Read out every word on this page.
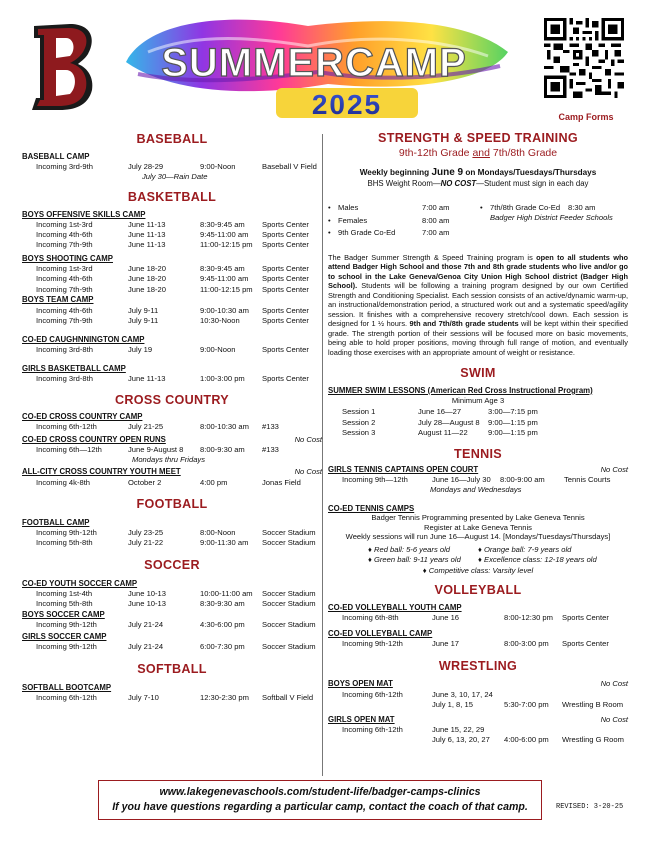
B
SUMMERCAMP
2025	Camp Forms
BASEBALL
BASEBALL CAMP
Incoming 3rd-9th	July 28-29	9:00-Noon	Baseball V Field
July 30—Rain Date
BASKETBALL
BOYS OFFENSIVE SKILLS CAMP
Incoming 1st-3rd	June 11-13	8:30-9:45 am	Sports Center
Incoming 4th-6th	June 11-13	9:45-11:00 am	Sports Center
Incoming 7th-9th	June 11-13	11:00-12:15 pm	Sports Center
BOYS SHOOTING CAMP
Incoming 1st-3rd	June 18-20	8:30-9:45 am	Sports Center
Incoming 4th-6th	June 18-20	9:45-11:00 am	Sports Center
Incoming 7th-9th	June 18-20	11:00-12:15 pm	Sports Center
BOYS TEAM CAMP
Incoming 4th-6th	July 9-11	9:00-10:30 am	Sports Center
Incoming 7th-9th	July 9-11	10:30-Noon	Sports Center
CO-ED CAUGHNNINGTON CAMP
Incoming 3rd-8th	July 19	9:00-Noon	Sports Center
GIRLS BASKETBALL CAMP
Incoming 3rd-8th	June 11-13	1:00-3:00 pm	Sports Center
CROSS COUNTRY
CO-ED CROSS COUNTRY CAMP
Incoming 6th-12th	July 21-25	8:00-10:30 am	#133
No Cost
CO-ED CROSS COUNTRY OPEN RUNS
Incoming 6th—12th	June 9-August 8	8:00-9:30 am	#133
Mondays thru Fridays
No Cost
ALL-CITY CROSS COUNTRY YOUTH MEET
Incoming 4k-8th	October 2	4:00 pm	Jonas Field
FOOTBALL
FOOTBALL CAMP
Incoming 9th-12th	July 23-25	8:00-Noon	Soccer Stadium
Incoming 5th-8th	July 21-22	9:00-11:30 am	Soccer Stadium
SOCCER
CO-ED YOUTH SOCCER CAMP
Incoming 1st-4th	June 10-13	10:00-11:00 am	Soccer Stadium
Incoming 5th-8th	June 10-13	8:30-9:30 am	Soccer Stadium
BOYS SOCCER CAMP
Incoming 9th-12th	July 21-24	4:30-6:00 pm	Soccer Stadium
GIRLS SOCCER CAMP
Incoming 9th-12th	July 21-24	6:00-7:30 pm	Soccer Stadium
SOFTBALL
SOFTBALL BOOTCAMP
Incoming 6th-12th	July 7-10	12:30-2:30 pm	Softball V Field
STRENGTH & SPEED TRAINING
9th-12th Grade and 7th/8th Grade
Weekly beginning June 9 on Mondays/Tuesdays/Thursdays
BHS Weight Room—NO COST—Student must sign in each day
• Males	7:00 am
• Females	8:00 am
• 9th Grade Co-Ed	7:00 am
• 7th/8th Grade Co-Ed	8:30 am
Badger High District Feeder Schools
The Badger Summer Strength & Speed Training program is open to all students who attend Badger High School and those 7th and 8th grade students who live and/or go to school in the Lake Geneva/Genoa City Union High School district (Badger High School). Students will be following a training program designed by our own Certified Strength and Conditioning Specialist. Each session consists of an active/dynamic warm-up, an instructional/demonstration period, a structured work out and a systematic speed/agility session. It finishes with a comprehensive recovery stretch/cool down. Each session is designed for 1 ½ hours. 9th and 7th/8th grade students will be kept within their specified grade. The strength portion of their sessions will be focused more on basic movements, being able to hold proper positions, moving through full range of motion, and eventually loading those exercises with an appropriate amount of weight or resistance.
SWIM
SUMMER SWIM LESSONS (American Red Cross Instructional Program)
Minimum Age 3
Session 1	June 16—27	3:00—7:15 pm
Session 2	July 28—August 8	9:00—1:15 pm
Session 3	August 11—22	9:00—1:15 pm
TENNIS
No Cost
GIRLS TENNIS CAPTAINS OPEN COURT
Incoming 9th—12th	June 16—July 30	8:00-9:00 am	Tennis Courts
Mondays and Wednesdays
CO-ED TENNIS CAMPS
Badger Tennis Programming presented by Lake Geneva Tennis
Register at Lake Geneva Tennis
Weekly sessions will run June 16—August 14. [Mondays/Tuesdays/Thursdays]
♦ Red ball: 5-6 years old	♦ Orange ball: 7-9 years old
♦ Green ball: 9-11 years old	♦ Excellence class: 12-18 years old
♦ Competitive class: Varsity level
VOLLEYBALL
CO-ED VOLLEYBALL YOUTH CAMP
Incoming 6th-8th	June 16	8:00-12:30 pm	Sports Center
CO-ED VOLLEYBALL CAMP
Incoming 9th-12th	June 17	8:00-3:00 pm	Sports Center
WRESTLING
No Cost
BOYS OPEN MAT
Incoming 6th-12th	June 3, 10, 17, 24
July 1, 8, 15	5:30-7:00 pm	Wrestling B Room
No Cost
GIRLS OPEN MAT
Incoming 6th-12th	June 15, 22, 29
July 6, 13, 20, 27	4:00-6:00 pm	Wrestling G Room
www.lakegenevaschools.com/student-life/badger-camps-clinics
If you have questions regarding a particular camp, contact the coach of that camp.	REVISED: 3-20-25
